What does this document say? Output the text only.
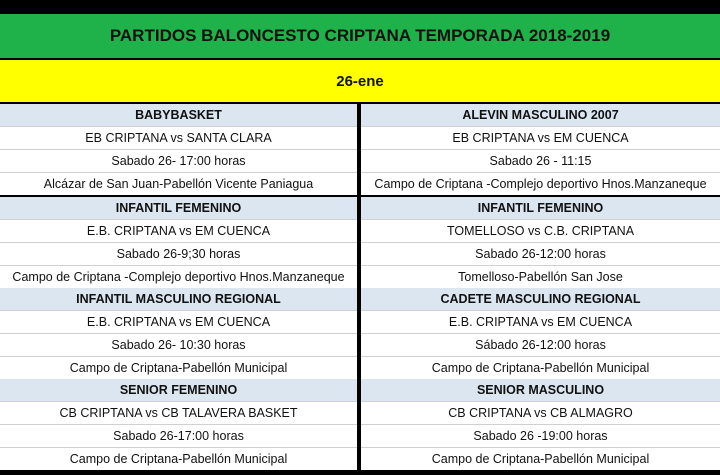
PARTIDOS BALONCESTO CRIPTANA TEMPORADA 2018-2019
26-ene
BABYBASKET
EB CRIPTANA vs SANTA CLARA
Sabado 26- 17:00 horas
Alcázar de San Juan-Pabellón Vicente Paniagua
ALEVIN MASCULINO 2007
EB CRIPTANA vs EM CUENCA
Sabado 26 - 11:15
Campo de Criptana -Complejo deportivo Hnos.Manzaneque
INFANTIL FEMENINO
E.B. CRIPTANA vs EM CUENCA
Sabado 26-9;30 horas
Campo de Criptana -Complejo deportivo Hnos.Manzaneque
INFANTIL FEMENINO
TOMELLOSO vs C.B. CRIPTANA
Sabado 26-12:00 horas
Tomelloso-Pabellón San Jose
INFANTIL MASCULINO REGIONAL
E.B. CRIPTANA vs EM CUENCA
Sabado 26- 10:30 horas
Campo de Criptana-Pabellón Municipal
CADETE MASCULINO REGIONAL
E.B. CRIPTANA vs EM CUENCA
Sábado 26-12:00 horas
Campo de Criptana-Pabellón Municipal
SENIOR FEMENINO
CB CRIPTANA vs CB TALAVERA BASKET
Sabado 26-17:00 horas
Campo de Criptana-Pabellón Municipal
SENIOR MASCULINO
CB CRIPTANA vs CB ALMAGRO
Sabado 26 -19:00 horas
Campo de Criptana-Pabellón Municipal
